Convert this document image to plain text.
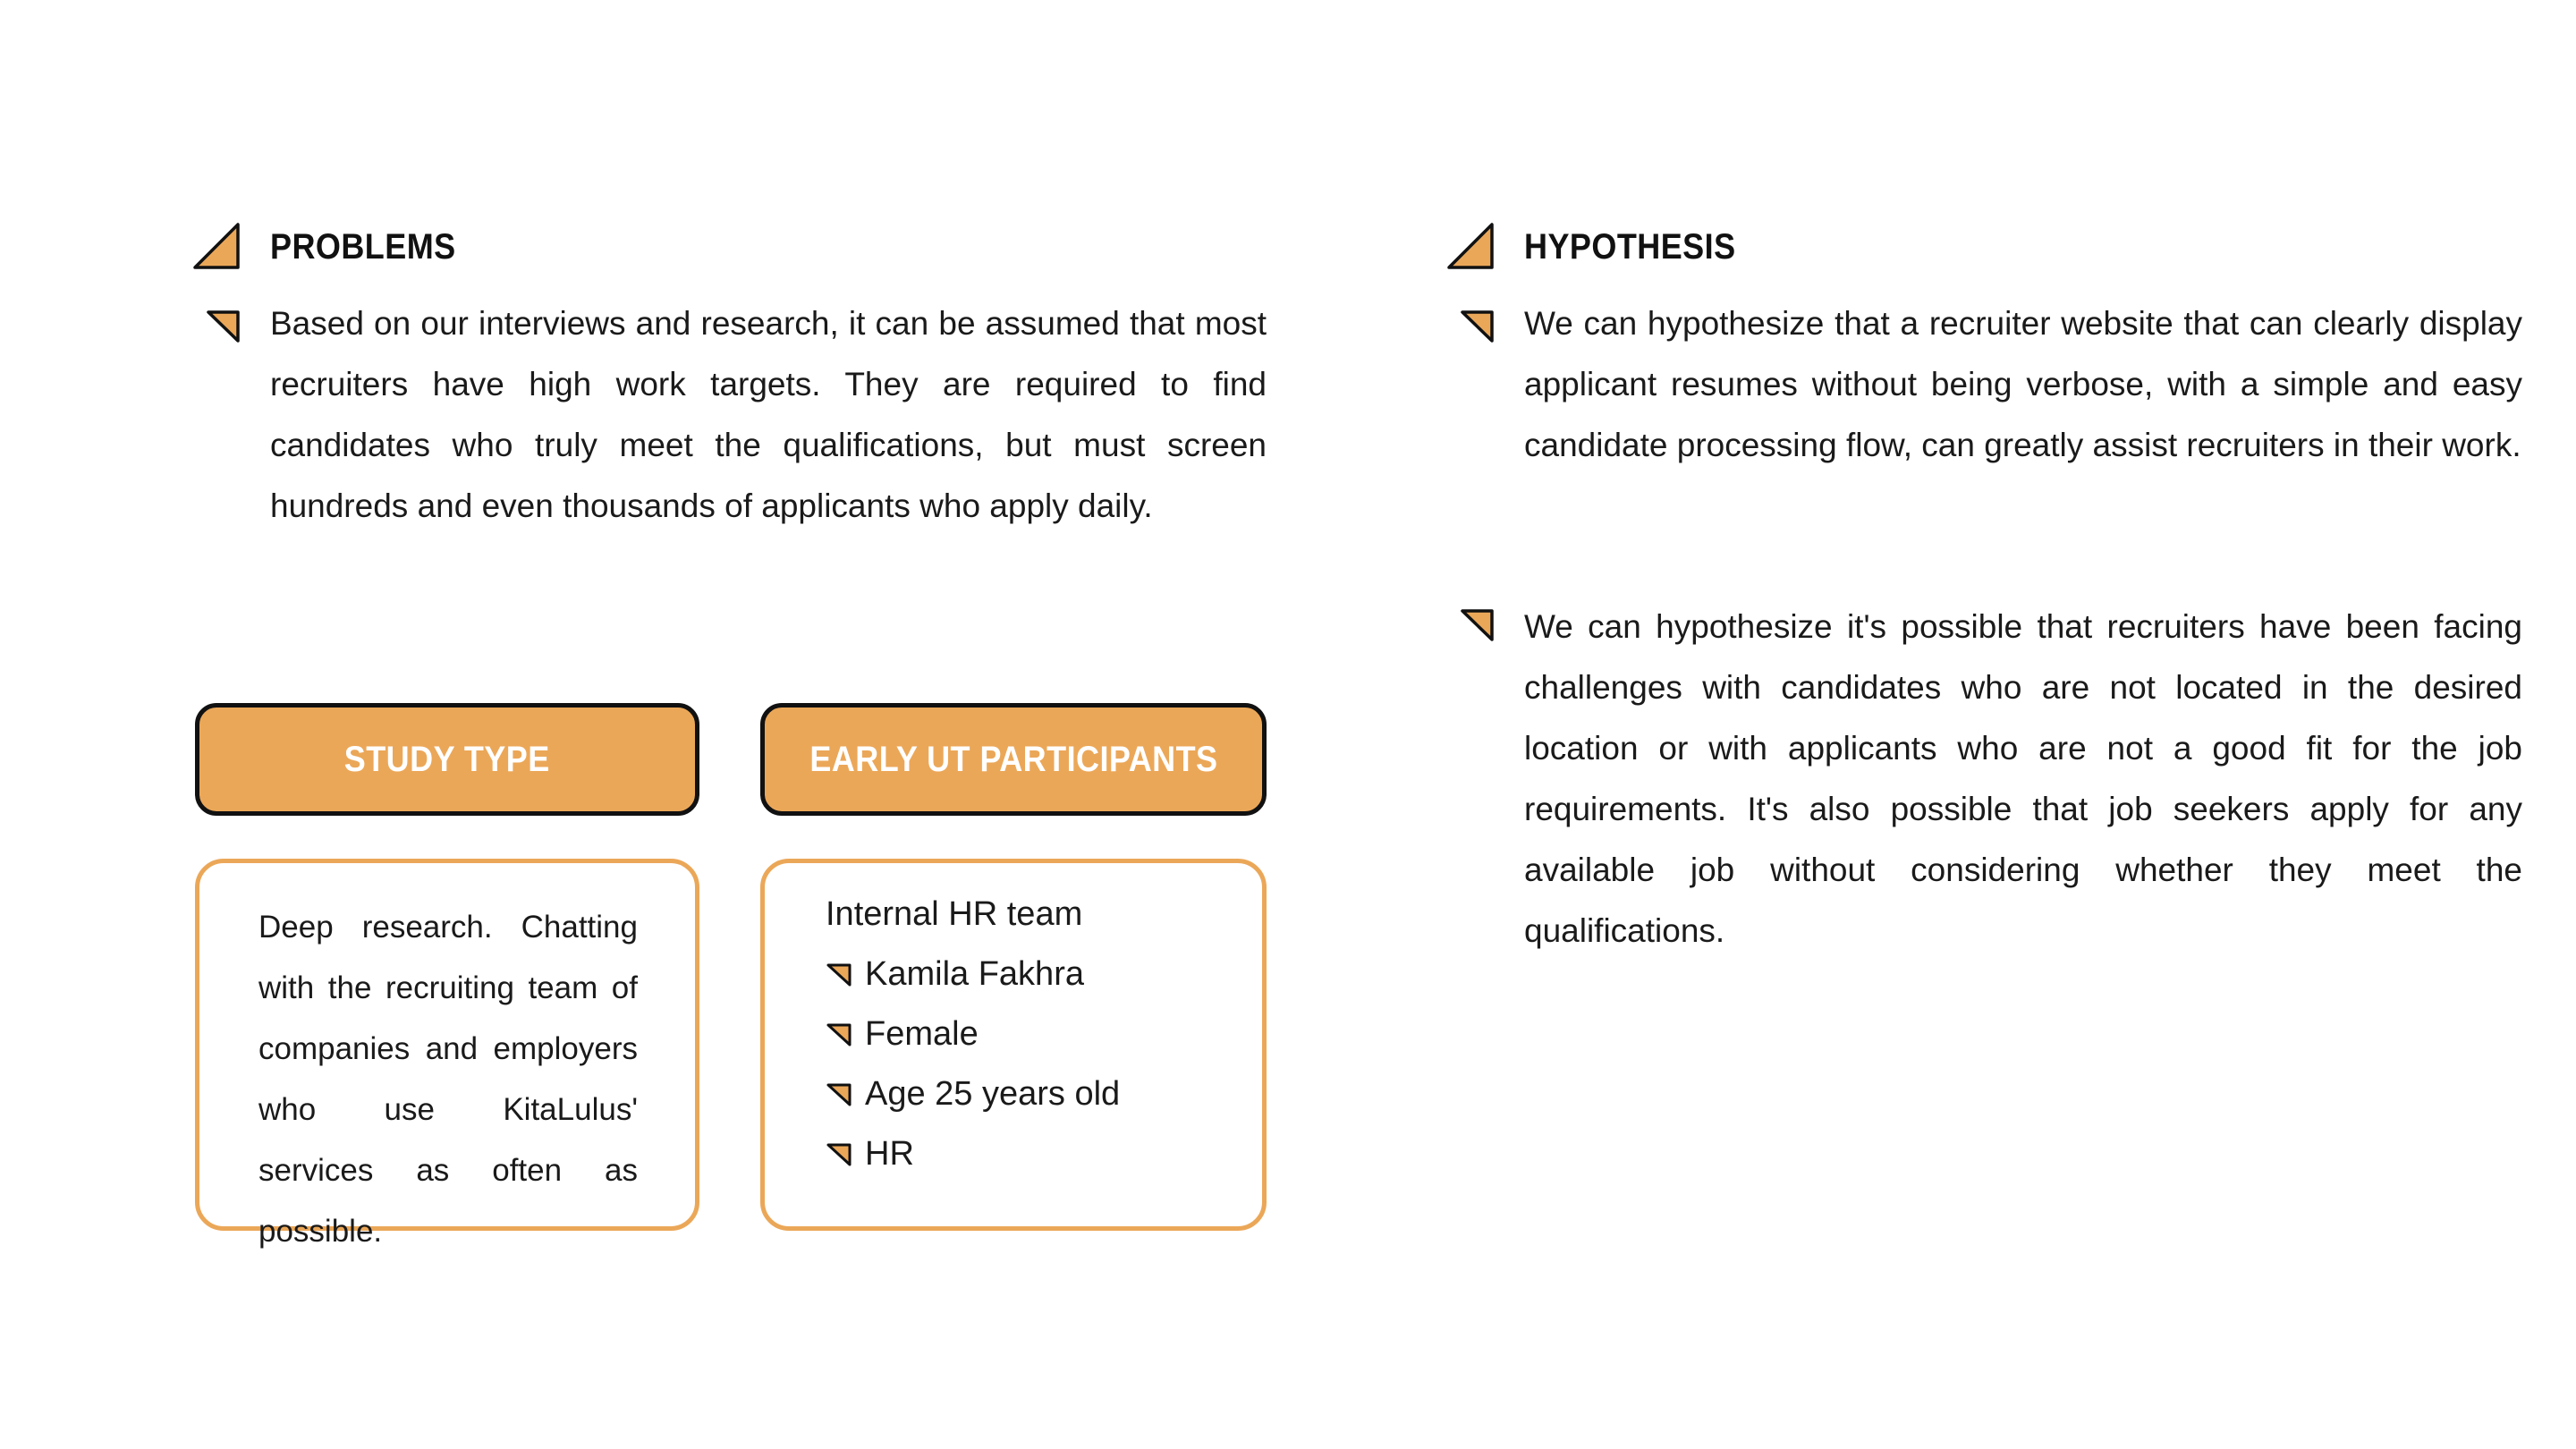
PROBLEMS
Based on our interviews and research, it can be assumed that most recruiters have high work targets. They are required to find candidates who truly meet the qualifications, but must screen hundreds and even thousands of applicants who apply daily.
HYPOTHESIS
We can hypothesize that a recruiter website that can clearly display applicant resumes without being verbose, with a simple and easy candidate processing flow, can greatly assist recruiters in their work.
We can hypothesize it's possible that recruiters have been facing challenges with candidates who are not located in the desired location or with applicants who are not a good fit for the job requirements. It's also possible that job seekers apply for any available job without considering whether they meet the qualifications.
STUDY TYPE
Deep research. Chatting with the recruiting team of companies and employers who use KitaLulus' services as often as possible.
EARLY UT PARTICIPANTS
Internal HR team
Kamila Fakhra
Female
Age 25 years old
HR
